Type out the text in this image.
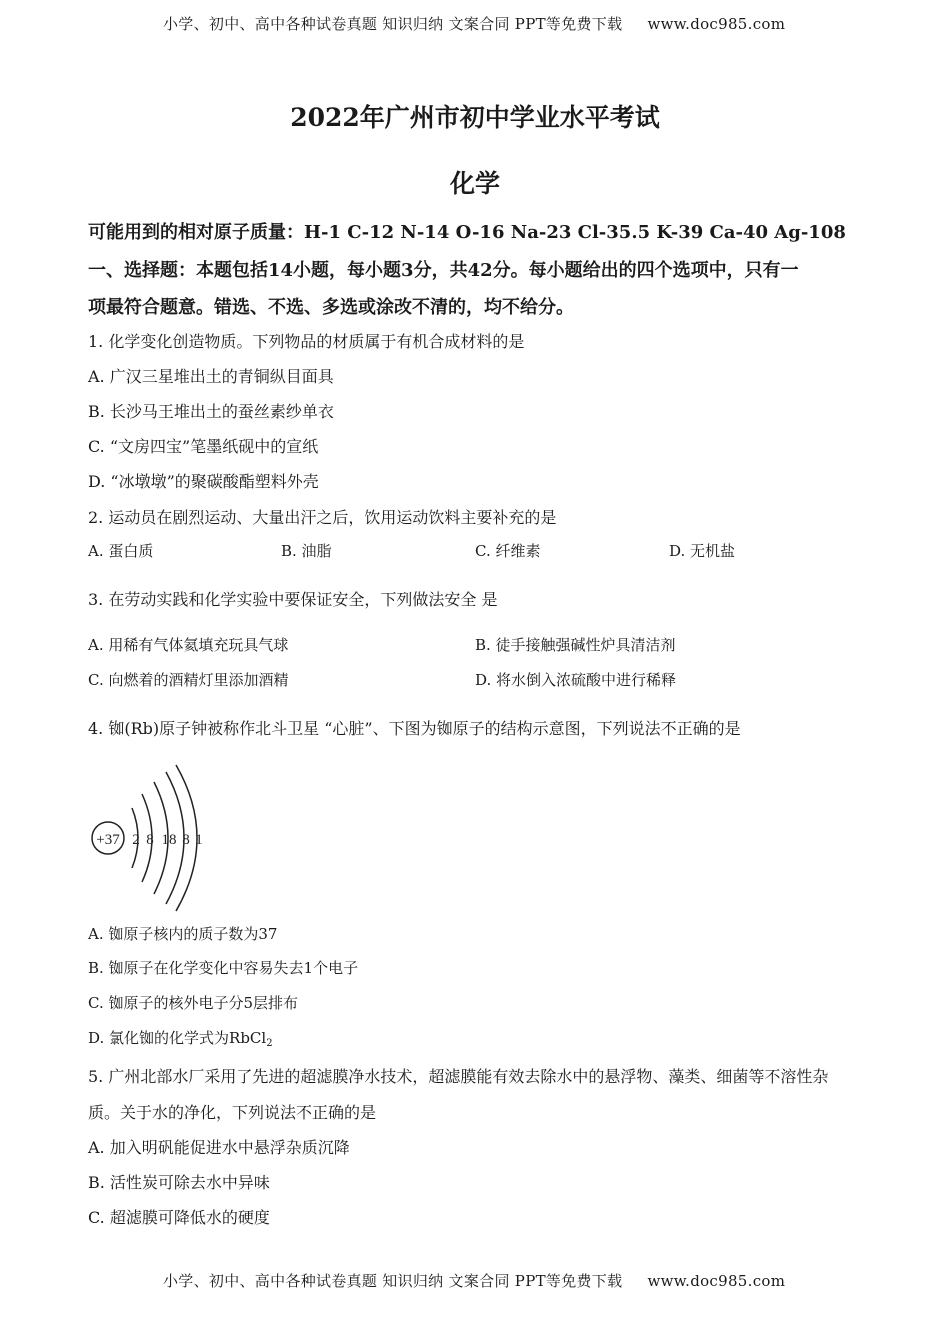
小学、初中、高中各种试卷真题 知识归纳 文案合同 PPT等免费下载 www.doc985.com
2022年广州市初中学业水平考试
化学
可能用到的相对原子质量：H-1 C-12 N-14 O-16 Na-23 Cl-35.5 K-39 Ca-40 Ag-108
一、选择题：本题包括14小题，每小题3分，共42分。每小题给出的四个选项中，只有一
项最符合题意。错选、不选、多选或涂改不清的，均不给分。
1. 化学变化创造物质。下列物品的材质属于有机合成材料的是
A. 广汉三星堆出土的青铜纵目面具
B. 长沙马王堆出土的蚕丝素纱单衣
C. “文房四宝”笔墨纸砚中的宣纸
D. “冰墩墩”的聚碳酸酯塑料外壳
2. 运动员在剧烈运动、大量出汗之后，饮用运动饮料主要补充的是
A. 蛋白质	B. 油脂	C. 纤维素	D. 无机盐
3. 在劳动实践和化学实验中要保证安全，下列做法安全 是
A. 用稀有气体氦填充玩具气球	B. 徒手接触强碱性炉具清洁剂
C. 向燃着的酒精灯里添加酒精	D. 将水倒入浓硫酸中进行稀释
4. 铷(Rb)原子钟被称作北斗卫星 “心脏”、下图为铷原子的结构示意图，下列说法不正确的是
+37 2 8 18 8 1
A. 铷原子核内的质子数为37
B. 铷原子在化学变化中容易失去1个电子
C. 铷原子的核外电子分5层排布
D. 氯化铷的化学式为RbCl$_2$
5. 广州北部水厂采用了先进的超滤膜净水技术，超滤膜能有效去除水中的悬浮物、藻类、细菌等不溶性杂
质。关于水的净化，下列说法不正确的是
A. 加入明矾能促进水中悬浮杂质沉降
B. 活性炭可除去水中异味
C. 超滤膜可降低水的硬度
小学、初中、高中各种试卷真题 知识归纳 文案合同 PPT等免费下载 www.doc985.com
